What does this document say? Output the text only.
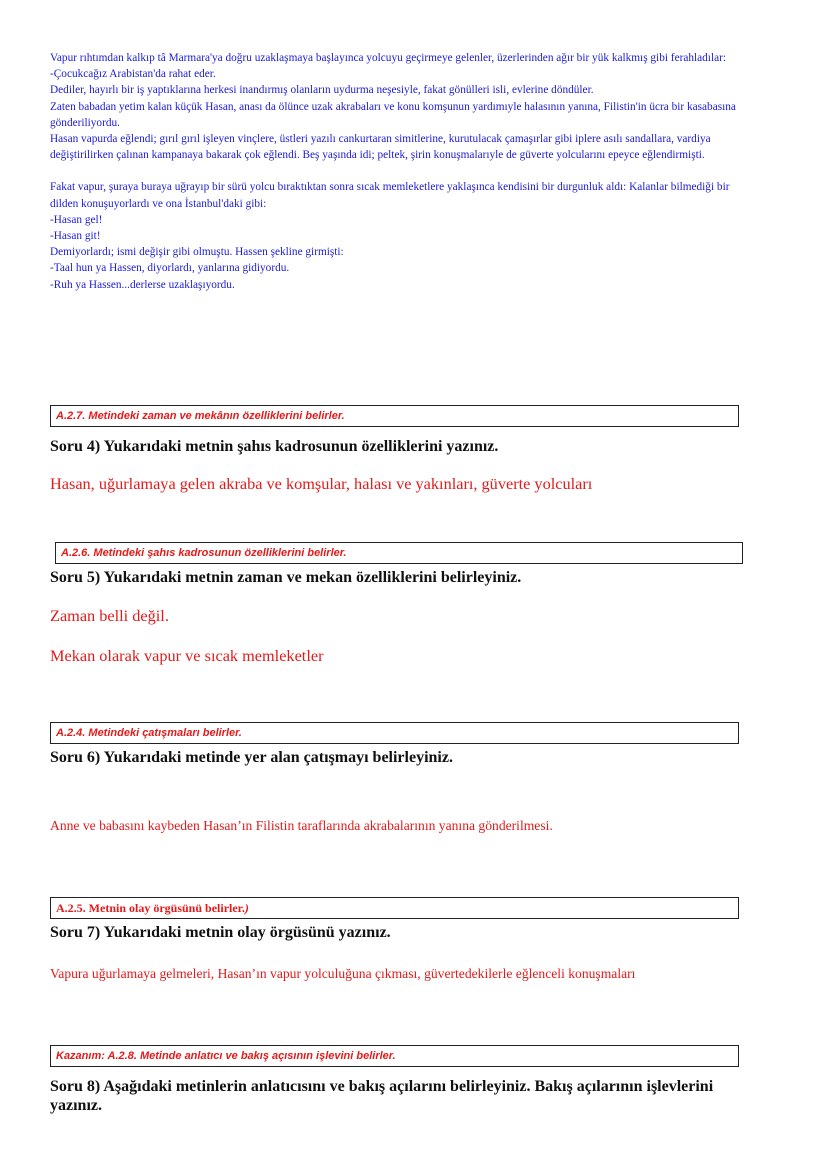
Vapur rıhtımdan kalkıp tâ Marmara'ya doğru uzaklaşmaya başlayınca yolcuyu geçirmeye gelenler, üzerlerinden ağır bir yük kalkmış gibi ferahladılar:

-Çocukcağız Arabistan'da rahat eder.

Dediler, hayırlı bir iş yaptıklarına herkesi inandırmış olanların uydurma neşesiyle, fakat gönülleri isli, evlerine döndüler.

Zaten babadan yetim kalan küçük Hasan, anası da ölünce uzak akrabaları ve konu komşunun yardımıyle halasının yanına, Filistin'in ücra bir kasabasına gönderiliyordu.

Hasan vapurda eğlendi; gırıl gırıl işleyen vinçlere, üstleri yazılı cankurtaran simitlerine, kurutulacak çamaşırlar gibi iplere asılı sandallara, vardiya değiştirilirken çalınan kampanaya bakarak çok eğlendi. Beş yaşında idi; peltek, şirin konuşmalarıyle de güverte yolcularını epeyce eğlendirmişti.

Fakat vapur, şuraya buraya uğrayıp bir sürü yolcu bıraktıktan sonra sıcak memleketlere yaklaşınca kendisini bir durgunluk aldı: Kalanlar bilmediği bir dilden konuşuyorlardı ve ona İstanbul'daki gibi:

-Hasan gel!

-Hasan git!

Demiyorlardı; ismi değişir gibi olmuştu. Hassen şekline girmişti:

-Taal hun ya Hassen, diyorlardı, yanlarına gidiyordu.

-Ruh ya Hassen...derlerse uzaklaşıyordu.

A.2.7. Metindeki zaman ve mekânın özelliklerini belirler.
Soru 4) Yukarıdaki metnin şahıs kadrosunun özelliklerini yazınız.
Hasan, uğurlamaya gelen akraba ve komşular, halası ve yakınları, güverte yolcuları
A.2.6. Metindeki şahıs kadrosunun özelliklerini belirler.
Soru 5) Yukarıdaki metnin zaman ve mekan özelliklerini belirleyiniz.
Zaman belli değil.
Mekan olarak vapur ve sıcak memleketler
A.2.4. Metindeki çatışmaları belirler.
Soru 6) Yukarıdaki metinde yer alan çatışmayı belirleyiniz.
Anne ve babasını kaybeden Hasan’ın Filistin taraflarında akrabalarının yanına gönderilmesi.
A.2.5. Metnin olay örgüsünü belirler.)
Soru 7) Yukarıdaki metnin olay örgüsünü yazınız.
Vapura uğurlamaya gelmeleri, Hasan’ın vapur yolculuğuna çıkması, güvertedekilerle eğlenceli konuşmaları
Kazanım: A.2.8. Metinde anlatıcı ve bakış açısının işlevini belirler.
Soru 8) Aşağıdaki metinlerin anlatıcısını ve bakış açılarını belirleyiniz. Bakış açılarının işlevlerini yazınız.
